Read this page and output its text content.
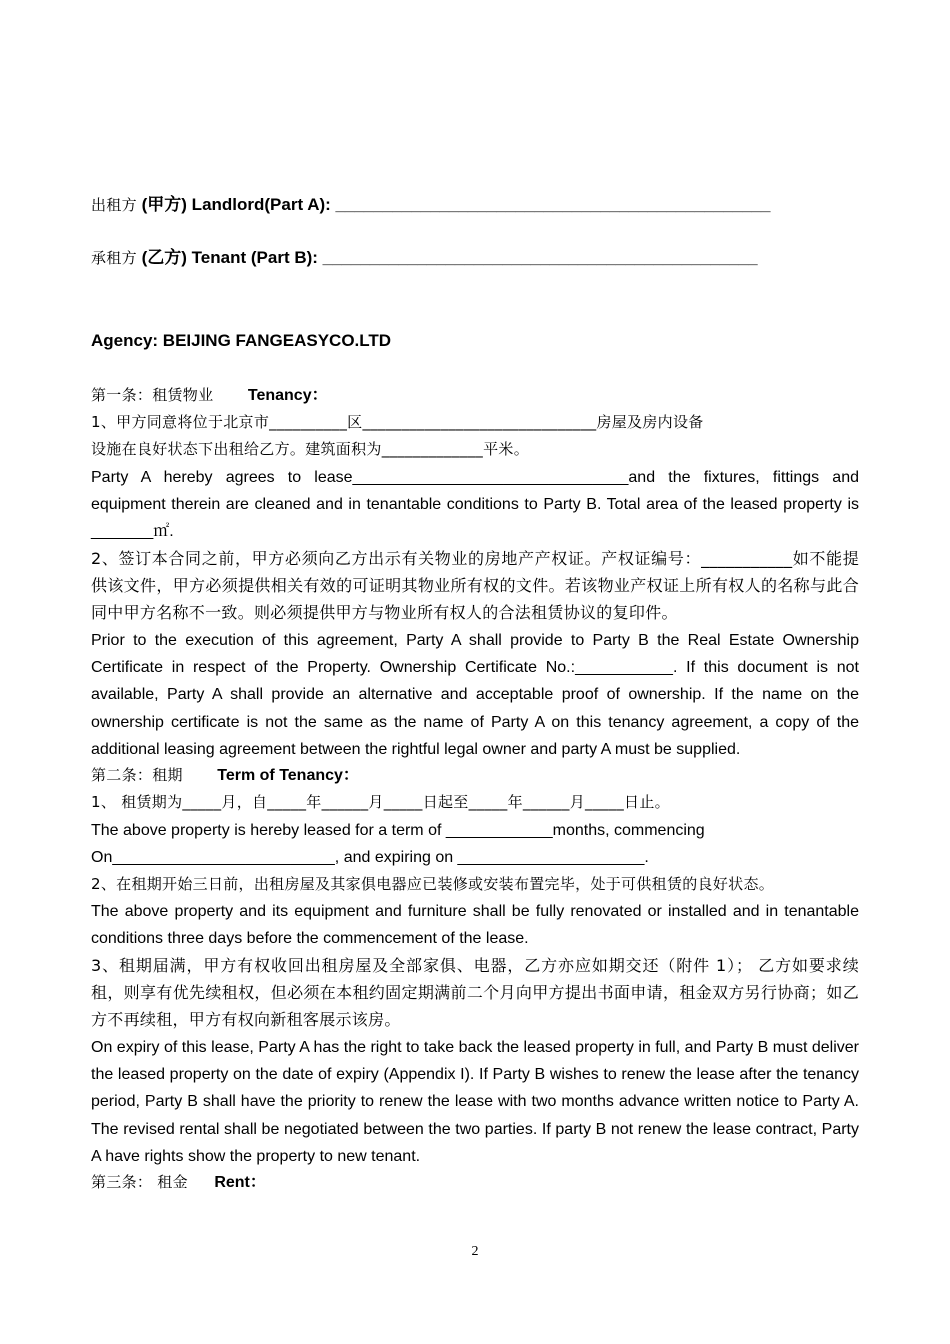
出租方 (甲方) Landlord(Part A): ______________________________________________
承租方 (乙方) Tenant (Part B): ______________________________________________
Agency: BEIJING FANGEASYCO.LTD
第一条：租赁物业 Tenancy：
1、甲方同意将位于北京市__________区______________________________房屋及房内设备
设施在良好状态下出租给乙方。建筑面积为_____________平米。
Party A hereby agrees to lease_______________________________and the fixtures, fittings and equipment therein are cleaned and in tenantable conditions to Party B. Total area of the leased property is _______㎡.
2、签订本合同之前，甲方必须向乙方出示有关物业的房地产产权证。产权证编号：___________如不能提供该文件，甲方必须提供相关有效的可证明其物业所有权的文件。若该物业产权证上所有权人的名称与此合同中甲方名称不一致。则必须提供甲方与物业所有权人的合法租赁协议的复印件。
Prior to the execution of this agreement, Party A shall provide to Party B the Real Estate Ownership Certificate in respect of the Property. Ownership Certificate No.:___________. If this document is not available, Party A shall provide an alternative and acceptable proof of ownership. If the name on the ownership certificate is not the same as the name of Party A on this tenancy agreement, a copy of the additional leasing agreement between the rightful legal owner and party A must be supplied.
第二条：租期 Term of Tenancy：
1、 租赁期为_____月，自_____年______月_____日起至_____年______月_____日止。
The above property is hereby leased for a term of ____________months, commencing
On_________________________, and expiring on _____________________.
2、在租期开始三日前，出租房屋及其家俱电器应已装修或安装布置完毕，处于可供租赁的良好状态。
The above property and its equipment and furniture shall be fully renovated or installed and in tenantable conditions three days before the commencement of the lease.
3、租期届满，甲方有权收回出租房屋及全部家俱、电器，乙方亦应如期交还（附件 1）； 乙方如要求续租，则享有优先续租权，但必须在本租约固定期满前二个月向甲方提出书面申请，租金双方另行协商；如乙方不再续租，甲方有权向新租客展示该房。
On expiry of this lease, Party A has the right to take back the leased property in full, and Party B must deliver the leased property on the date of expiry (Appendix I). If Party B wishes to renew the lease after the tenancy period, Party B shall have the priority to renew the lease with two months advance written notice to Party A. The revised rental shall be negotiated between the two parties. If party B not renew the lease contract, Party A have rights show the property to new tenant.
第三条： 租金 Rent：
2
